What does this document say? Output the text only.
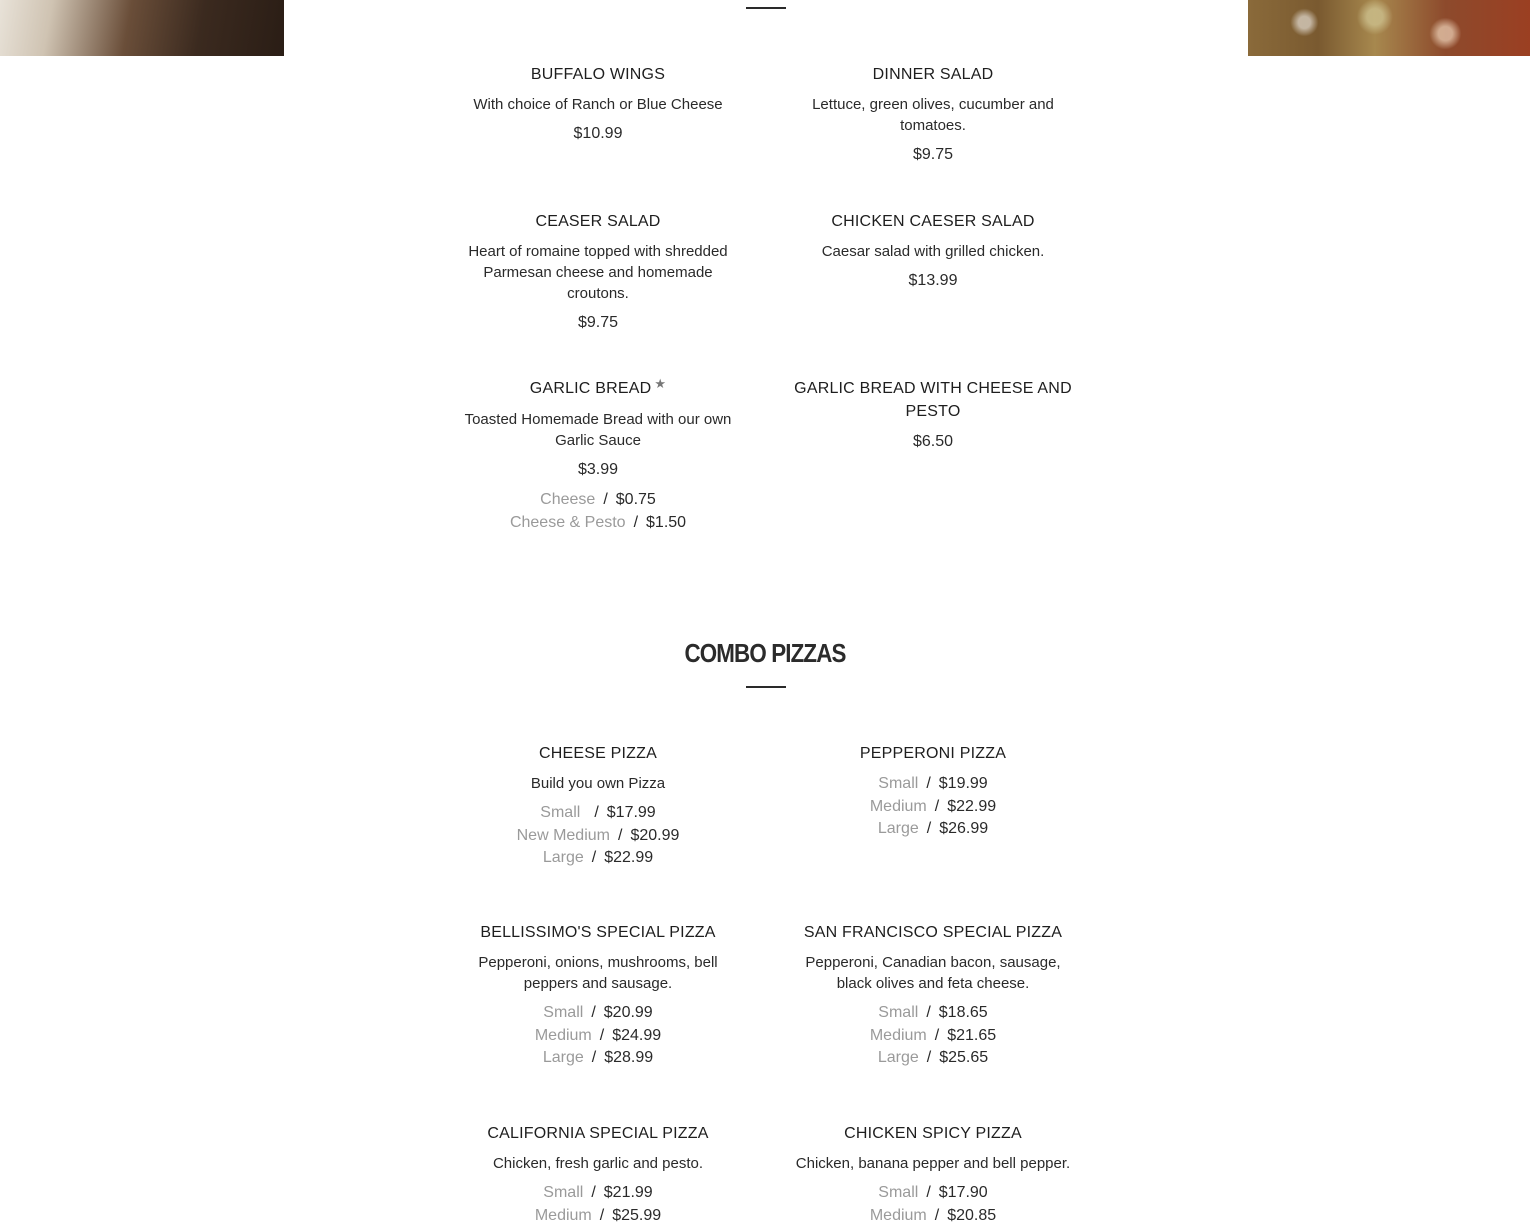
BUFFALO WINGS
With choice of Ranch or Blue Cheese
$10.99
DINNER SALAD
Lettuce, green olives, cucumber and tomatoes.
$9.75
CEASER SALAD
Heart of romaine topped with shredded Parmesan cheese and homemade croutons.
$9.75
CHICKEN CAESER SALAD
Caesar salad with grilled chicken.
$13.99
GARLIC BREAD ★
Toasted Homemade Bread with our own Garlic Sauce
$3.99
Cheese / $0.75
Cheese & Pesto / $1.50
GARLIC BREAD WITH CHEESE AND PESTO
$6.50
COMBO PIZZAS
CHEESE PIZZA
Build you own Pizza
Small / $17.99
New Medium / $20.99
Large / $22.99
PEPPERONI PIZZA
Small / $19.99
Medium / $22.99
Large / $26.99
BELLISSIMO'S SPECIAL PIZZA
Pepperoni, onions, mushrooms, bell peppers and sausage.
Small / $20.99
Medium / $24.99
Large / $28.99
SAN FRANCISCO SPECIAL PIZZA
Pepperoni, Canadian bacon, sausage, black olives and feta cheese.
Small / $18.65
Medium / $21.65
Large / $25.65
CALIFORNIA SPECIAL PIZZA
Chicken, fresh garlic and pesto.
Small / $21.99
Medium / $25.99
CHICKEN SPICY PIZZA
Chicken, banana pepper and bell pepper.
Small / $17.90
Medium / $20.85
